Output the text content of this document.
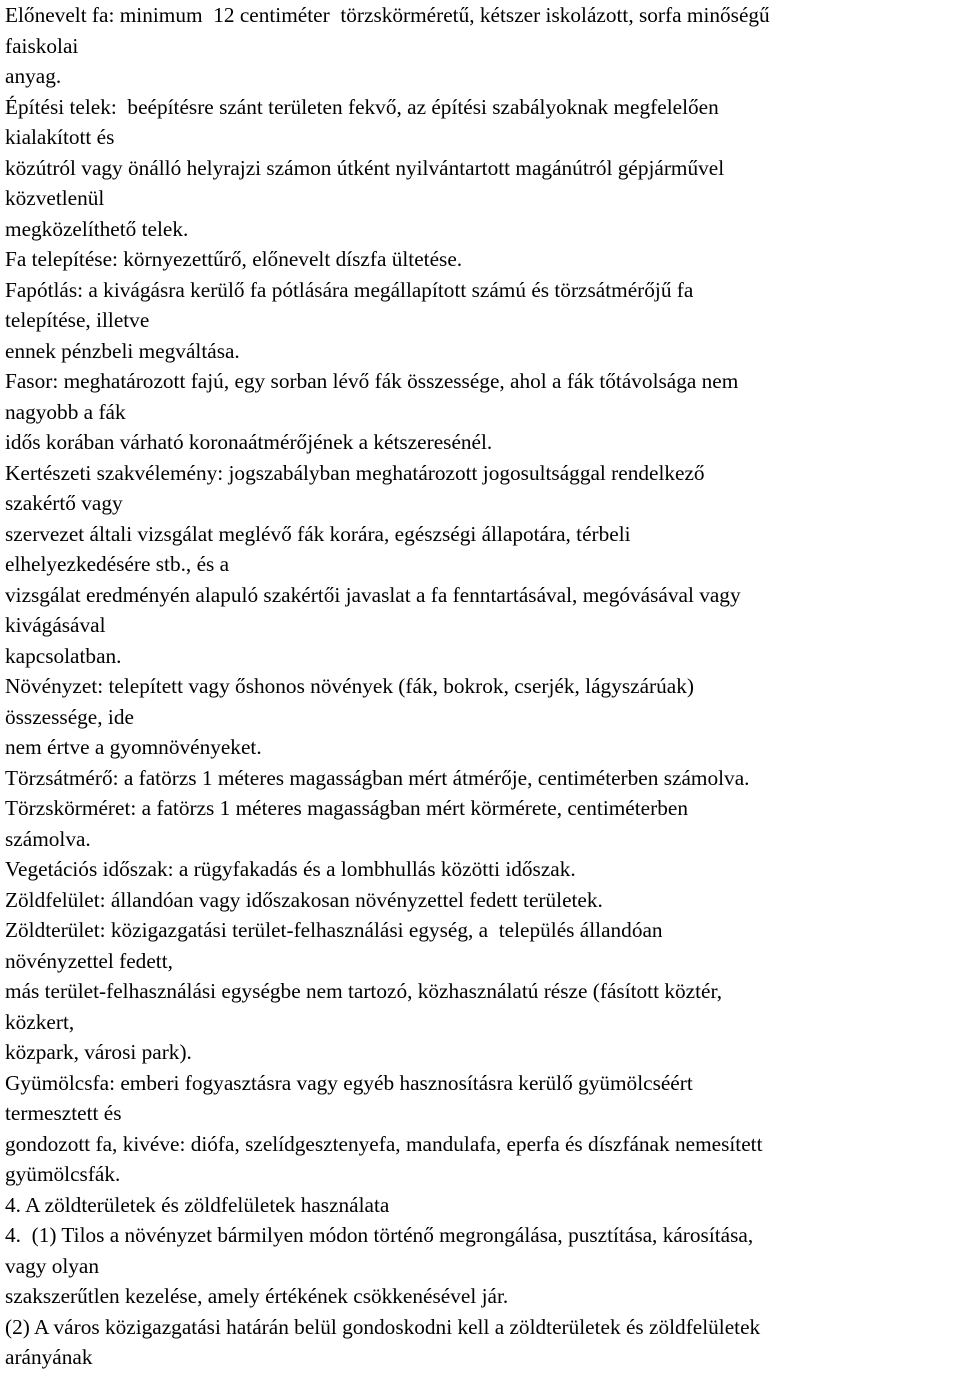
Előnevelt fa: minimum  12 centiméter  törzskörméretű, kétszer iskolázott, sorfa minőségű
faiskolai
anyag.
Építési telek:  beépítésre szánt területen fekvő, az építési szabályoknak megfelelően
kialakított és
közútról vagy önálló helyrajzi számon útként nyilvántartott magánútról gépjárművel
közvetlenül
megközelíthető telek.
Fa telepítése: környezettűrő, előnevelt díszfa ültetése.
Fapótlás: a kivágásra kerülő fa pótlására megállapított számú és törzsátmérőjű fa
telepítése, illetve
ennek pénzbeli megváltása.
Fasor: meghatározott fajú, egy sorban lévő fák összessége, ahol a fák tőtávolsága nem
nagyobb a fák
idős korában várható koronaátmérőjének a kétszeresénél.
Kertészeti szakvélemény: jogszabályban meghatározott jogosultsággal rendelkező
szakértő vagy
szervezet általi vizsgálat meglévő fák korára, egészségi állapotára, térbeli
elhelyezkedésére stb., és a
vizsgálat eredményén alapuló szakértői javaslat a fa fenntartásával, megóvásával vagy
kivágásával
kapcsolatban.
Növényzet: telepített vagy őshonos növények (fák, bokrok, cserjék, lágyszárúak)
összessége, ide
nem értve a gyomnövényeket.
Törzsátmérő: a fatörzs 1 méteres magasságban mért átmérője, centiméterben számolva.
Törzskörméret: a fatörzs 1 méteres magasságban mért körmérete, centiméterben
számolva.
Vegetációs időszak: a rügyfakadás és a lombhullás közötti időszak.
Zöldfelület: állandóan vagy időszakosan növényzettel fedett területek.
Zöldterület: közigazgatási terület-felhasználási egység, a  település állandóan
növényzettel fedett,
más terület-felhasználási egységbe nem tartozó, közhasználatú része (fásított köztér,
közkert,
közpark, városi park).
Gyümölcsfa: emberi fogyasztásra vagy egyéb hasznosításra kerülő gyümölcséért
termesztett és
gondozott fa, kivéve: diófa, szelídgesztenyefa, mandulafa, eperfa és díszfának nemesített
gyümölcsfák.
4. A zöldterületek és zöldfelületek használata
4.  (1) Tilos a növényzet bármilyen módon történő megrongálása, pusztítása, károsítása,
vagy olyan
szakszerűtlen kezelése, amely értékének csökkenésével jár.
(2) A város közigazgatási határán belül gondoskodni kell a zöldterületek és zöldfelületek
arányának
